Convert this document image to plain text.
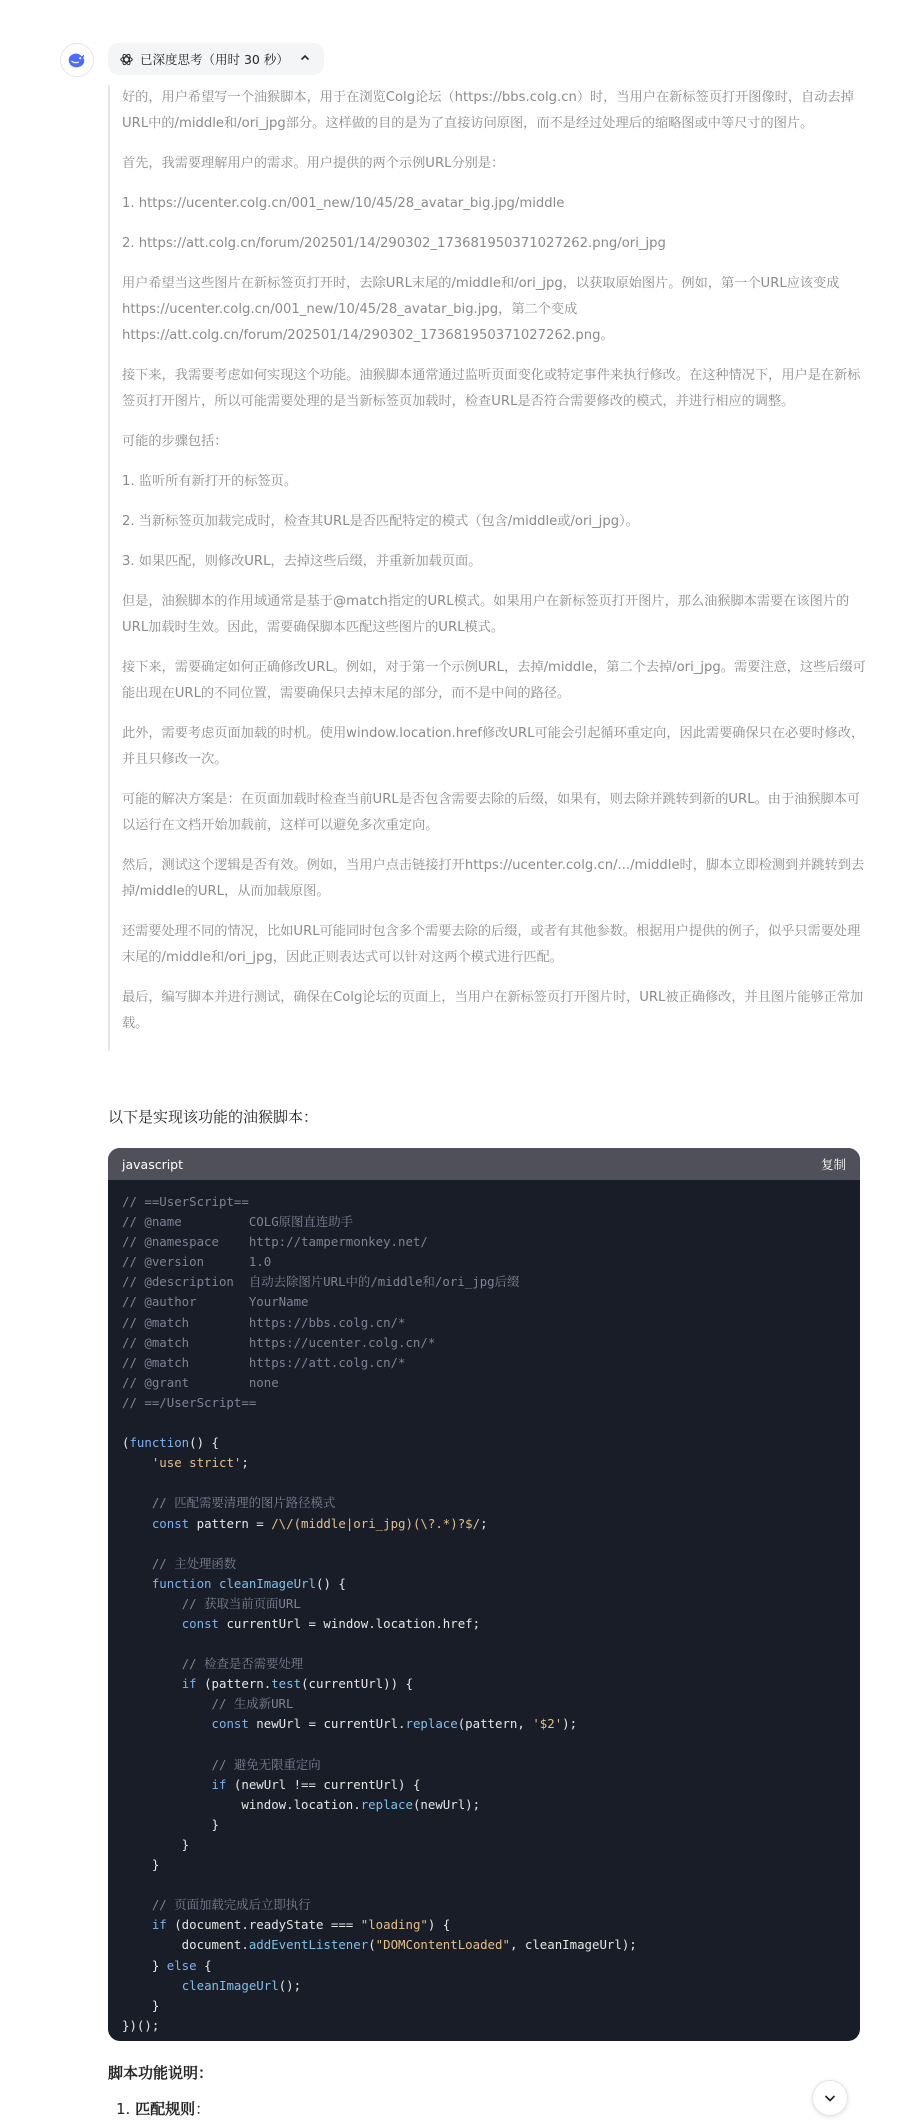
已深度思考（用时 30 秒）

好的，用户希望写一个油猴脚本，用于在浏览Colg论坛（https://bbs.colg.cn）时，当用户在新标签页打开图像时，自动去掉URL中的/middle和/ori_jpg部分。这样做的目的是为了直接访问原图，而不是经过处理后的缩略图或中等尺寸的图片。

首先，我需要理解用户的需求。用户提供的两个示例URL分别是：

1. https://ucenter.colg.cn/001_new/10/45/28_avatar_big.jpg/middle

2. https://att.colg.cn/forum/202501/14/290302_173681950371027262.png/ori_jpg

用户希望当这些图片在新标签页打开时，去除URL末尾的/middle和/ori_jpg，以获取原始图片。例如，第一个URL应该变成https://ucenter.colg.cn/001_new/10/45/28_avatar_big.jpg，第二个变成https://att.colg.cn/forum/202501/14/290302_173681950371027262.png。

接下来，我需要考虑如何实现这个功能。油猴脚本通常通过监听页面变化或特定事件来执行修改。在这种情况下，用户是在新标签页打开图片，所以可能需要处理的是当新标签页加载时，检查URL是否符合需要修改的模式，并进行相应的调整。

可能的步骤包括：

1. 监听所有新打开的标签页。

2. 当新标签页加载完成时，检查其URL是否匹配特定的模式（包含/middle或/ori_jpg）。

3. 如果匹配，则修改URL，去掉这些后缀，并重新加载页面。

但是，油猴脚本的作用域通常是基于@match指定的URL模式。如果用户在新标签页打开图片，那么油猴脚本需要在该图片的URL加载时生效。因此，需要确保脚本匹配这些图片的URL模式。

接下来，需要确定如何正确修改URL。例如，对于第一个示例URL，去掉/middle，第二个去掉/ori_jpg。需要注意，这些后缀可能出现在URL的不同位置，需要确保只去掉末尾的部分，而不是中间的路径。

此外，需要考虑页面加载的时机。使用window.location.href修改URL可能会引起循环重定向，因此需要确保只在必要时修改，并且只修改一次。

可能的解决方案是：在页面加载时检查当前URL是否包含需要去除的后缀，如果有，则去除并跳转到新的URL。由于油猴脚本可以运行在文档开始加载前，这样可以避免多次重定向。

然后，测试这个逻辑是否有效。例如，当用户点击链接打开https://ucenter.colg.cn/.../middle时，脚本立即检测到并跳转到去掉/middle的URL，从而加载原图。

还需要处理不同的情况，比如URL可能同时包含多个需要去除的后缀，或者有其他参数。根据用户提供的例子，似乎只需要处理末尾的/middle和/ori_jpg，因此正则表达式可以针对这两个模式进行匹配。

最后，编写脚本并进行测试，确保在Colg论坛的页面上，当用户在新标签页打开图片时，URL被正确修改，并且图片能够正常加载。

以下是实现该功能的油猴脚本：
javascript	复制
// ==UserScript==
// @name         COLG原图直连助手
// @namespace    http://tampermonkey.net/
// @version      1.0
// @description  自动去除图片URL中的/middle和/ori_jpg后缀
// @author       YourName
// @match        https://bbs.colg.cn/*
// @match        https://ucenter.colg.cn/*
// @match        https://att.colg.cn/*
// @grant        none
// ==/UserScript==

(function() {
'use strict';

// 匹配需要清理的图片路径模式
const pattern = /\/(middle|ori_jpg)(\?.*)?$/;

// 主处理函数
function cleanImageUrl() {
// 获取当前页面URL
const currentUrl = window.location.href;

// 检查是否需要处理
if (pattern.test(currentUrl)) {
// 生成新URL
const newUrl = currentUrl.replace(pattern, '$2');

// 避免无限重定向
if (newUrl !== currentUrl) {
window.location.replace(newUrl);
}
}
}

// 页面加载完成后立即执行
if (document.readyState === "loading") {
document.addEventListener("DOMContentLoaded", cleanImageUrl);
} else {
cleanImageUrl();
}
})();
脚本功能说明：
1. 匹配规则：
